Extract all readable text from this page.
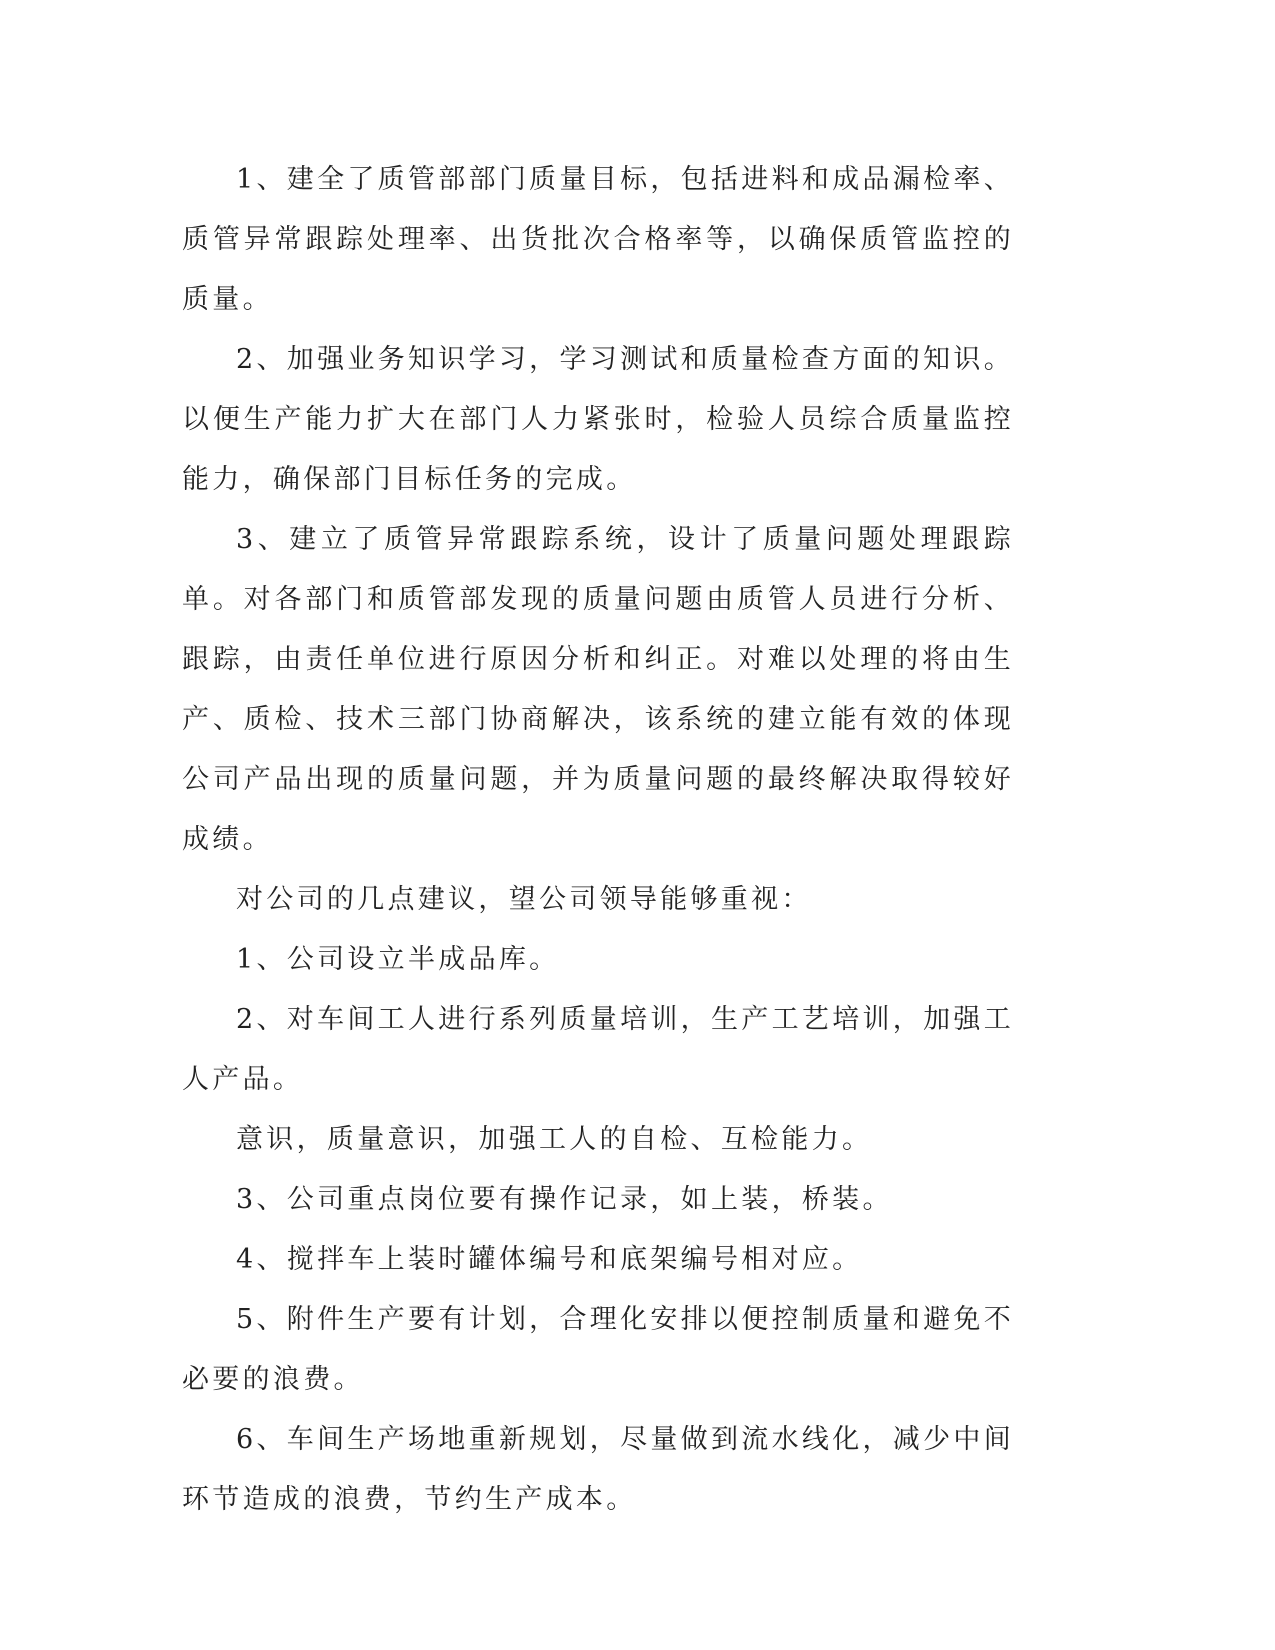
1、建全了质管部部门质量目标，包括进料和成品漏检率、质管异常跟踪处理率、出货批次合格率等，以确保质管监控的质量。

2、加强业务知识学习，学习测试和质量检查方面的知识。以便生产能力扩大在部门人力紧张时，检验人员综合质量监控能力，确保部门目标任务的完成。

3、建立了质管异常跟踪系统，设计了质量问题处理跟踪单。对各部门和质管部发现的质量问题由质管人员进行分析、跟踪，由责任单位进行原因分析和纠正。对难以处理的将由生产、质检、技术三部门协商解决，该系统的建立能有效的体现公司产品出现的质量问题，并为质量问题的最终解决取得较好成绩。

对公司的几点建议，望公司领导能够重视：

1、公司设立半成品库。

2、对车间工人进行系列质量培训，生产工艺培训，加强工人产品。

意识，质量意识，加强工人的自检、互检能力。

3、公司重点岗位要有操作记录，如上装，桥装。

4、搅拌车上装时罐体编号和底架编号相对应。

5、附件生产要有计划，合理化安排以便控制质量和避免不必要的浪费。

6、车间生产场地重新规划，尽量做到流水线化，减少中间环节造成的浪费，节约生产成本。
